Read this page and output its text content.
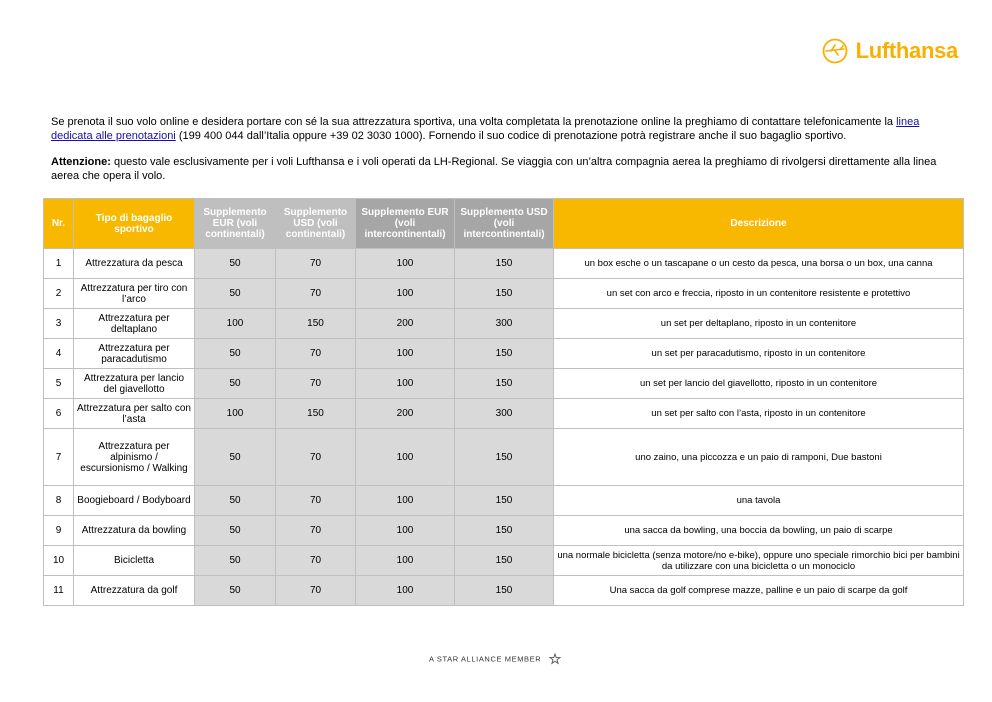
Lufthansa

Se prenota il suo volo online e desidera portare con sé la sua attrezzatura sportiva, una volta completata la prenotazione online la preghiamo di contattare telefonicamente la linea dedicata alle prenotazioni (199 400 044 dall’Italia oppure +39 02 3030 1000). Fornendo il suo codice di prenotazione potrà registrare anche il suo bagaglio sportivo.

Attenzione: questo vale esclusivamente per i voli Lufthansa e i voli operati da LH-Regional. Se viaggia con un’altra compagnia aerea la preghiamo di rivolgersi direttamente alla linea aerea che opera il volo.

Nr.	Tipo di bagaglio sportivo	Supplemento EUR (voli continentali)	Supplemento USD (voli continentali)	Supplemento EUR (voli intercontinentali)	Supplemento USD (voli intercontinentali)	Descrizione
1	Attrezzatura da pesca	50	70	100	150	un box esche o un tascapane o un cesto da pesca, una borsa o un box, una canna
2	Attrezzatura per tiro con l’arco	50	70	100	150	un set con arco e freccia, riposto in un contenitore resistente e protettivo
3	Attrezzatura per deltaplano	100	150	200	300	un set per deltaplano, riposto in un contenitore
4	Attrezzatura per paracadutismo	50	70	100	150	un set per paracadutismo, riposto in un contenitore
5	Attrezzatura per lancio del giavellotto	50	70	100	150	un set per lancio del giavellotto, riposto in un contenitore
6	Attrezzatura per salto con l’asta	100	150	200	300	un set per salto con l’asta, riposto in un contenitore
7	Attrezzatura per alpinismo / escursionismo / Walking	50	70	100	150	uno zaino, una piccozza e un paio di ramponi, Due bastoni
8	Boogieboard / Bodyboard	50	70	100	150	una tavola
9	Attrezzatura da bowling	50	70	100	150	una sacca da bowling, una boccia da bowling, un paio di scarpe
10	Bicicletta	50	70	100	150	una normale bicicletta (senza motore/no e-bike), oppure uno speciale rimorchio bici per bambini da utilizzare con una bicicletta o un monociclo
11	Attrezzatura da golf	50	70	100	150	Una sacca da golf comprese mazze, palline e un paio di scarpe da golf
A STAR ALLIANCE MEMBER
